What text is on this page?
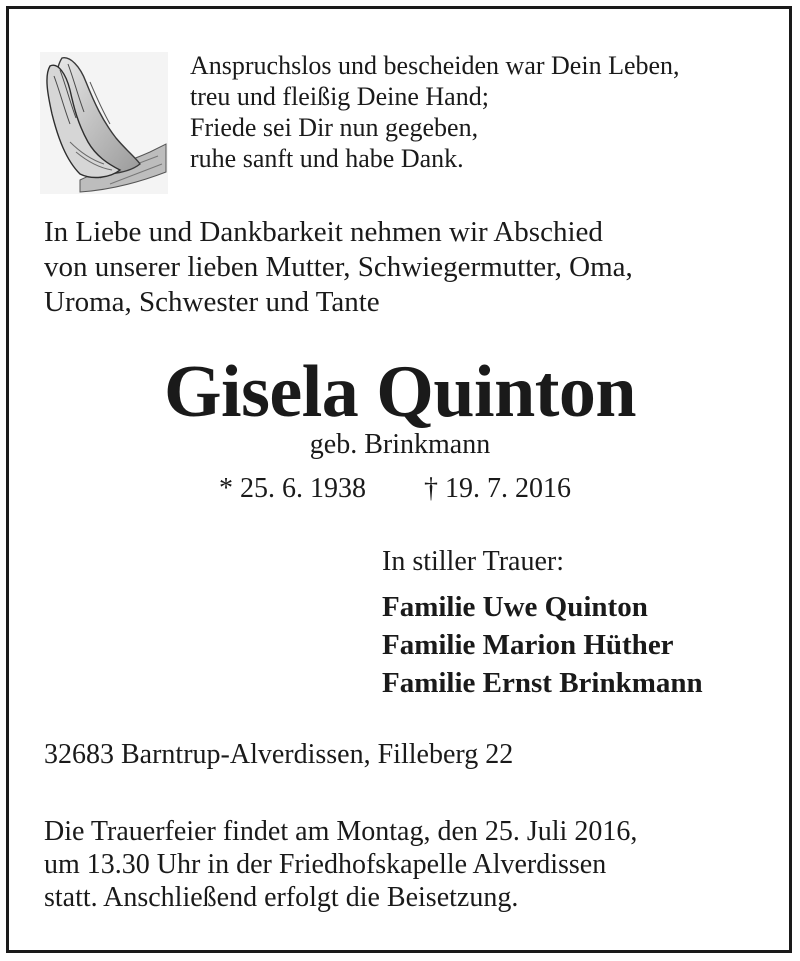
Anspruchslos und bescheiden war Dein Leben,
treu und fleißig Deine Hand;
Friede sei Dir nun gegeben,
ruhe sanft und habe Dank.
In Liebe und Dankbarkeit nehmen wir Abschied
von unserer lieben Mutter, Schwiegermutter, Oma,
Uroma, Schwester und Tante
Gisela Quinton
geb. Brinkmann
* 25. 6. 1938 † 19. 7. 2016
In stiller Trauer:
Familie Uwe Quinton
Familie Marion Hüther
Familie Ernst Brinkmann
32683 Barntrup-Alverdissen, Filleberg 22
Die Trauerfeier findet am Montag, den 25. Juli 2016,
um 13.30 Uhr in der Friedhofskapelle Alverdissen
statt. Anschließend erfolgt die Beisetzung.
